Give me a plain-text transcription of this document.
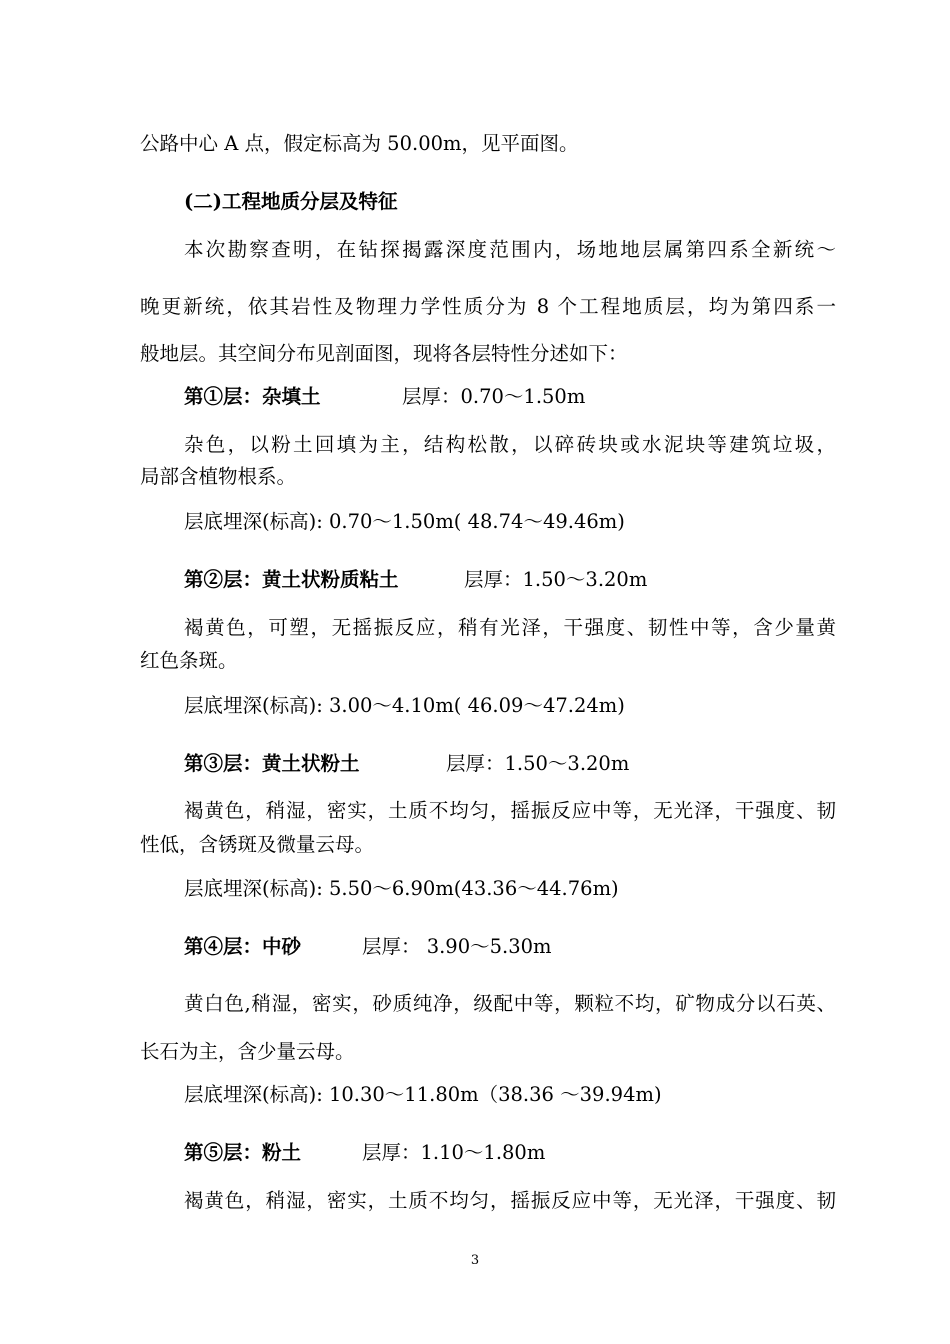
公路中心 A 点，假定标高为 50.00m，见平面图。
(二)工程地质分层及特征
本次勘察查明，在钻探揭露深度范围内，场地地层属第四系全新统～
晚更新统，依其岩性及物理力学性质分为 8 个工程地质层，均为第四系一
般地层。其空间分布见剖面图，现将各层特性分述如下：
第①层：杂填土	层厚：0.70～1.50m
杂色，以粉土回填为主，结构松散，以碎砖块或水泥块等建筑垃圾，
局部含植物根系。
层底埋深(标高): 0.70～1.50m( 48.74～49.46m)
第②层：黄土状粉质粘土	层厚：1.50～3.20m
褐黄色，可塑，无摇振反应，稍有光泽，干强度、韧性中等，含少量黄
红色条斑。
层底埋深(标高): 3.00～4.10m( 46.09～47.24m)
第③层：黄土状粉土	层厚：1.50～3.20m
褐黄色，稍湿，密实，土质不均匀，摇振反应中等，无光泽，干强度、韧
性低，含锈斑及微量云母。
层底埋深(标高): 5.50～6.90m(43.36～44.76m)
第④层：中砂	层厚： 3.90～5.30m
黄白色,稍湿，密实，砂质纯净，级配中等，颗粒不均，矿物成分以石英、
长石为主，含少量云母。
层底埋深(标高): 10.30～11.80m（38.36 ～39.94m)
第⑤层：粉土	层厚：1.10～1.80m
褐黄色，稍湿，密实，土质不均匀，摇振反应中等，无光泽，干强度、韧
3
